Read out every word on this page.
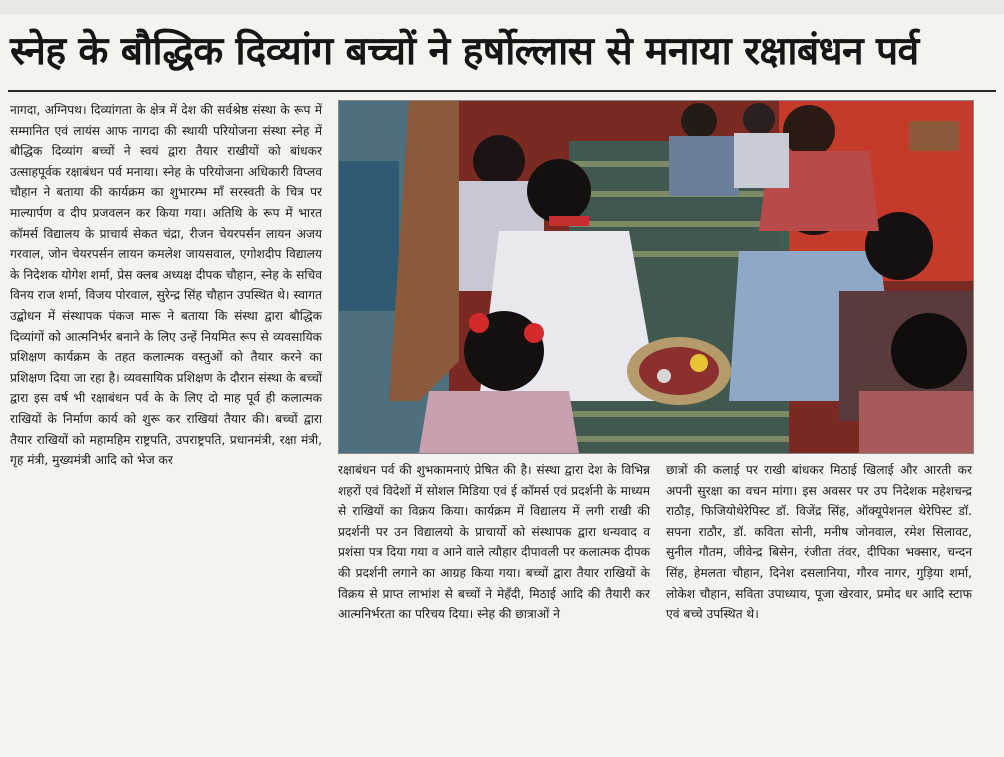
स्नेह के बौद्धिक दिव्यांग बच्चों ने हर्षोल्लास से मनाया रक्षाबंधन पर्व

नागदा, अग्निपथ। दिव्यांगता के क्षेत्र में देश की सर्वश्रेष्ठ संस्था के रूप में सम्मानित एवं लायंस आफ नागदा की स्थायी परियोजना संस्था स्नेह में बौद्धिक दिव्यांग बच्चों ने स्वयं द्वारा तैयार राखीयों को बांधकर उत्साहपूर्वक रक्षाबंधन पर्व मनाया। स्नेह के परियोजना अधिकारी विप्लव चौहान ने बताया की कार्यक्रम का शुभारम्भ माँ सरस्वती के चित्र पर माल्यार्पण व दीप प्रजवलन कर किया गया। अतिथि के रूप में भारत कॉमर्स विद्यालय के प्राचार्य सेकत चंद्रा, रीजन चेयरपर्सन लायन अजय गरवाल, जोन चेयरपर्सन लायन कमलेश जायसवाल, एगोशदीप विद्यालय के निदेशक योगेश शर्मा, प्रेस क्लब अध्यक्ष दीपक चौहान, स्नेह के सचिव विनय राज शर्मा, विजय पोरवाल, सुरेन्द्र सिंह चौहान उपस्थित थे। स्वागत उद्बोधन में संस्थापक पंकज मारू ने बताया कि संस्था द्वारा बौद्धिक दिव्यांगों को आत्मनिर्भर बनाने के लिए उन्हें नियमित रूप से व्यवसायिक प्रशिक्षण कार्यक्रम के तहत कलात्मक वस्तुओं को तैयार करने का प्रशिक्षण दिया जा रहा है। व्यवसायिक प्रशिक्षण के दौरान संस्था के बच्चों द्वारा इस वर्ष भी रक्षाबंधन पर्व के के लिए दो माह पूर्व ही कलात्मक राखियों के निर्माण कार्य को शुरू कर राखियां तैयार की। बच्चों द्वारा तैयार राखियों को महामहिम राष्ट्रपति, उपराष्ट्रपति, प्रधानमंत्री, रक्षा मंत्री, गृह मंत्री, मुख्यमंत्री आदि को भेज कर

रक्षाबंधन पर्व की शुभकामनाएं प्रेषित की है। संस्था द्वारा देश के विभिन्न शहरों एवं विदेशों में सोशल मिडिया एवं ई कॉमर्स एवं प्रदर्शनी के माध्यम से राखियों का विक्रय किया। कार्यक्रम में विद्यालय में लगी राखी की प्रदर्शनी पर उन विद्यालयो के प्राचार्यो को संस्थापक द्वारा धन्यवाद व प्रशंसा पत्र दिया गया व आने वाले त्यौहार दीपावली पर कलात्मक दीपक की प्रदर्शनी लगाने का आग्रह किया गया। बच्चों द्वारा तैयार राखियों के विक्रय से प्राप्त लाभांश से बच्चों ने मेहँदी, मिठाई आदि की तैयारी कर आत्मनिर्भरता का परिचय दिया। स्नेह की छात्राओं ने

छात्रों की कलाई पर राखी बांधकर मिठाई खिलाई और आरती कर अपनी सुरक्षा का वचन मांगा। इस अवसर पर उप निदेशक महेशचन्द्र राठौड़, फिजियोथेरेपिस्ट डॉ. विजेंद्र सिंह, ऑक्यूपेशनल थेरेपिस्ट डॉ. सपना राठौर, डॉ. कविता सोनी, मनीष जोनवाल, रमेश सिलावट, सुनील गौतम, जीवेन्द्र बिसेन, रंजीता तंवर, दीपिका भक्सार, चन्दन सिंह, हेमलता चौहान, दिनेश दसलानिया, गौरव नागर, गुड़िया शर्मा, लोकेश चौहान, सविता उपाध्याय, पूजा खेरवार, प्रमोद धर आदि स्टाफ एवं बच्चे उपस्थित थे।
